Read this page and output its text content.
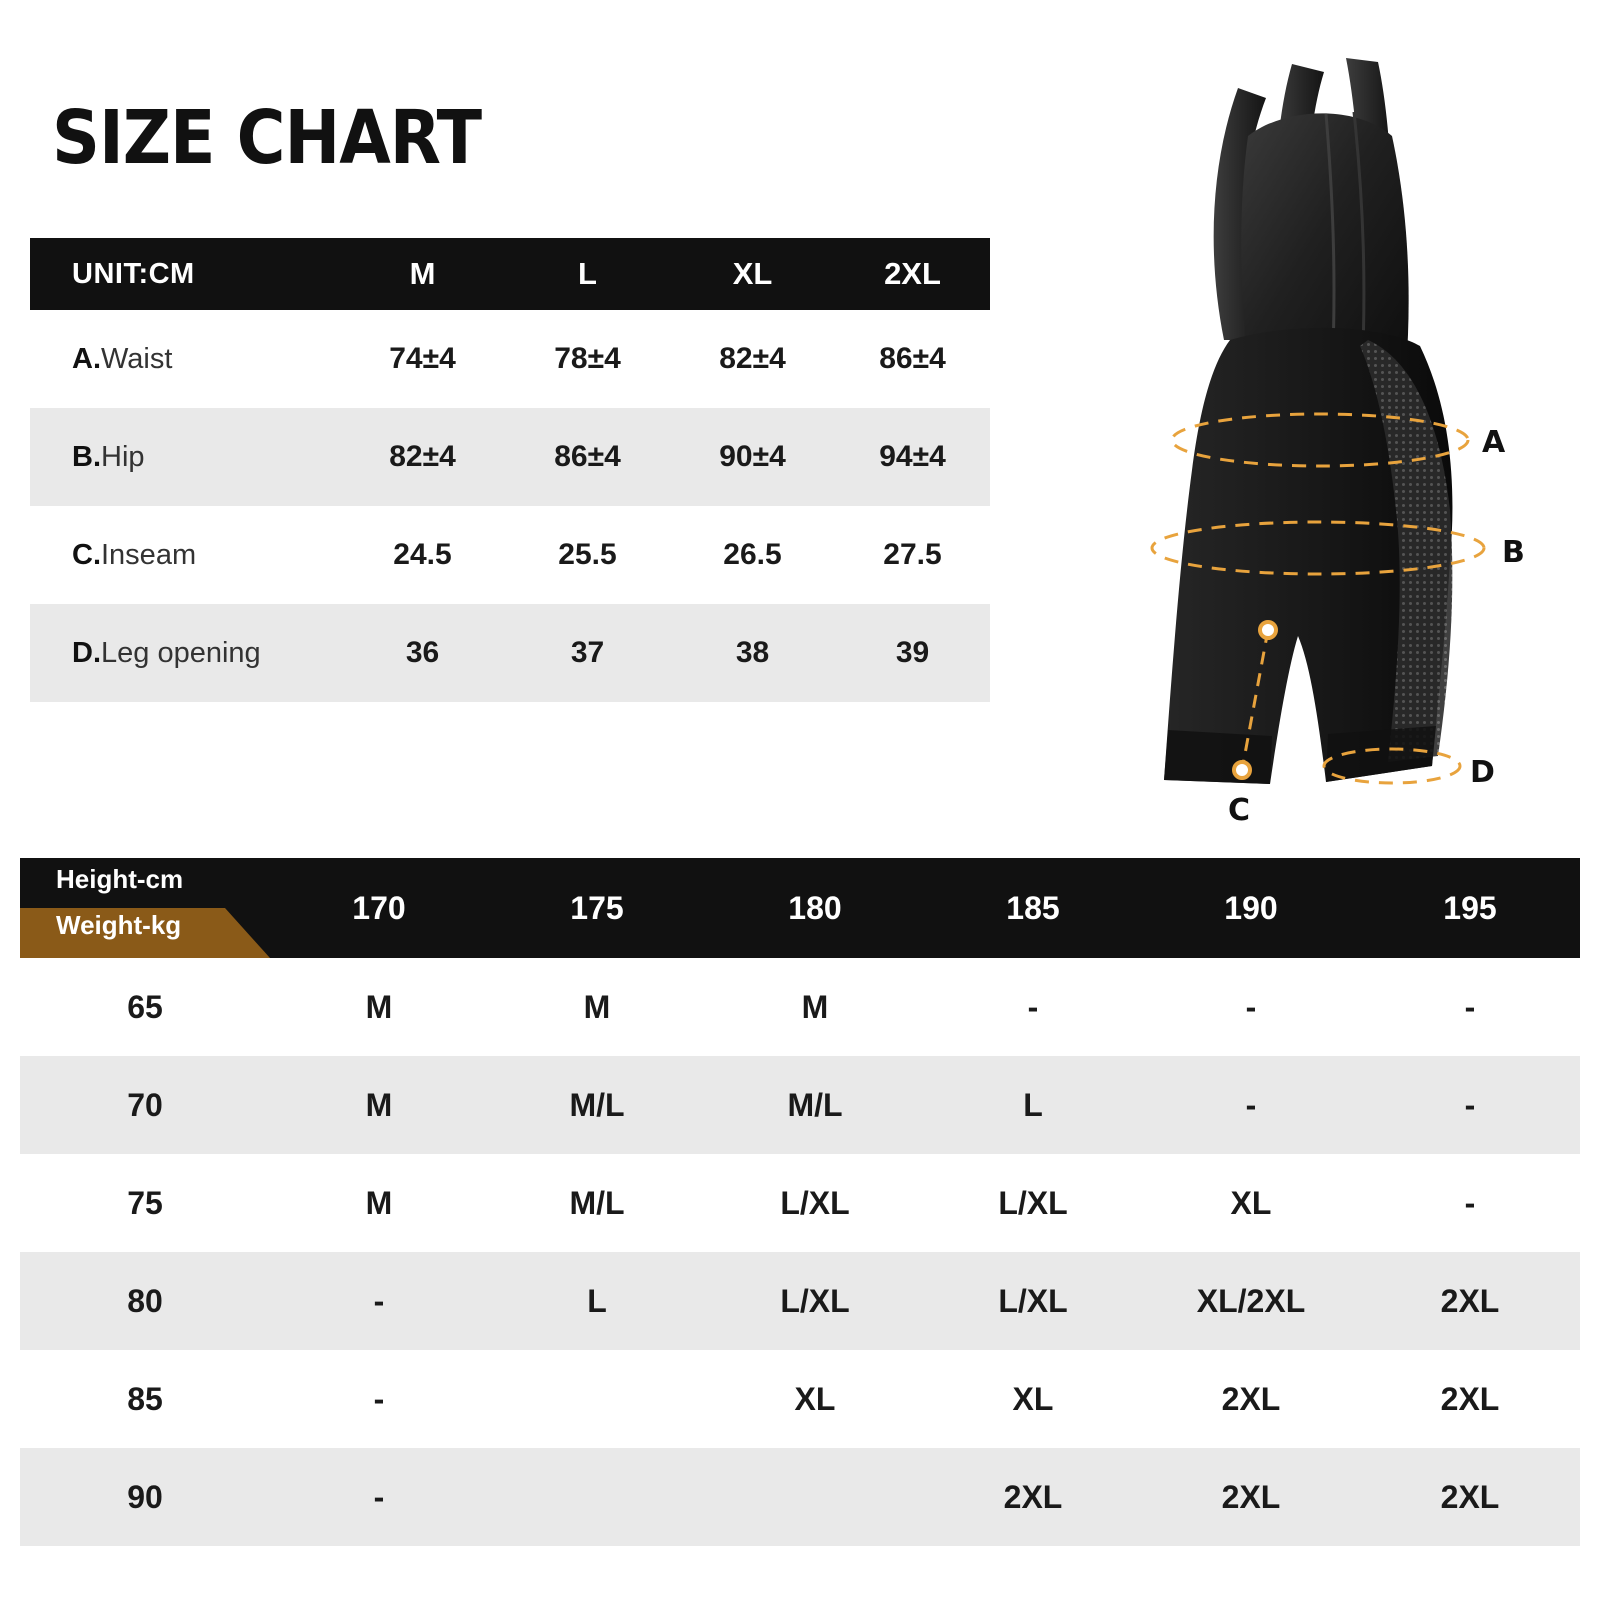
SIZE CHART
UNIT:CM	M	L	XL	2XL
A.Waist	74±4	78±4	82±4	86±4
B.Hip	82±4	86±4	90±4	94±4
C.Inseam	24.5	25.5	26.5	27.5
D.Leg opening	36	37	38	39
A
B
C
D
Height-cm
Weight-kg	170	175	180	185	190	195
65	M	M	M	-	-	-
70	M	M/L	M/L	L	-	-
75	M	M/L	L/XL	L/XL	XL	-
80	-	L	L/XL	L/XL	XL/2XL	2XL
85	-		XL	XL	2XL	2XL
90	-			2XL	2XL	2XL
